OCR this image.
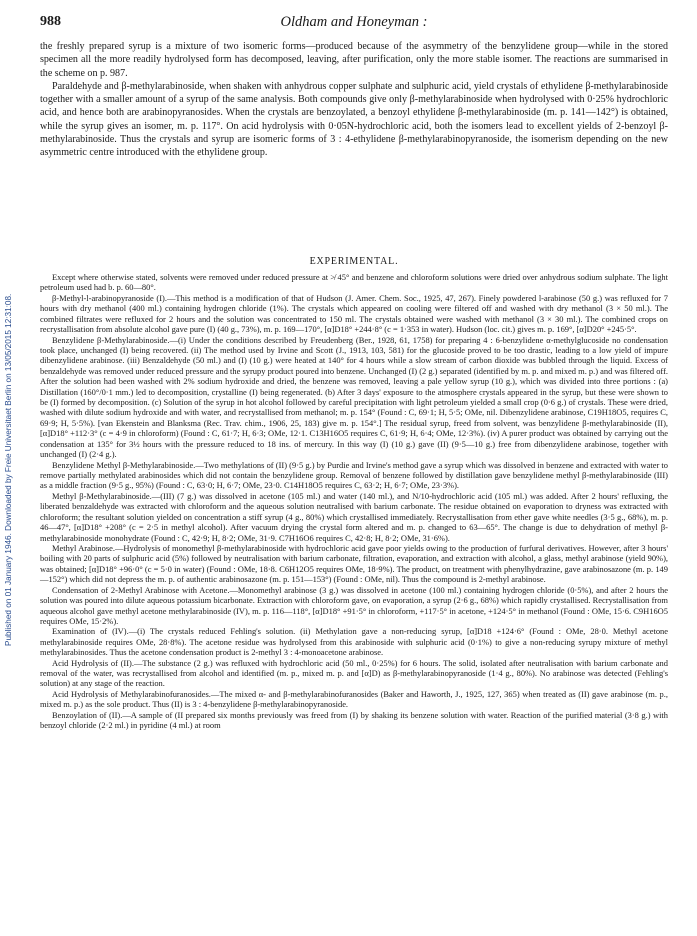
Published on 01 January 1946. Downloaded by Freie Universitaet Berlin on 13/05/2015 12:31:08.
988	Oldham and Honeyman :

the freshly prepared syrup is a mixture of two isomeric forms—produced because of the asymmetry of the benzylidene group—while in the stored specimen all the more readily hydrolysed form has decomposed, leaving, after purification, only the more stable isomer. The reactions are summarised in the scheme on p. 987.

Paraldehyde and β-methylarabinoside, when shaken with anhydrous copper sulphate and sulphuric acid, yield crystals of ethylidene β-methylarabinoside together with a smaller amount of a syrup of the same analysis. Both compounds give only β-methylarabinoside when hydrolysed with 0·25% hydrochloric acid, and hence both are arabinopyranosides. When the crystals are benzoylated, a benzoyl ethylidene β-methylarabinoside (m. p. 141—142°) is obtained, while the syrup gives an isomer, m. p. 117°. On acid hydrolysis with 0·05N-hydrochloric acid, both the isomers lead to excellent yields of 2-benzoyl β-methylarabinoside. Thus the crystals and syrup are isomeric forms of 3 : 4-ethylidene β-methylarabinopyranoside, the isomerism depending on the new asymmetric centre introduced with the ethylidene group.

EXPERIMENTAL.

Except where otherwise stated, solvents were removed under reduced pressure at ≯ 45° and benzene and chloroform solutions were dried over anhydrous sodium sulphate. The light petroleum used had b. p. 60—80°.

β-Methyl-l-arabinopyranoside (I).—This method is a modification of that of Hudson (J. Amer. Chem. Soc., 1925, 47, 267). Finely powdered l-arabinose (50 g.) was refluxed for 7 hours with dry methanol (400 ml.) containing hydrogen chloride (1%). The crystals which appeared on cooling were filtered off and washed with dry methanol (3 × 50 ml.). The combined filtrates were refluxed for 2 hours and the solution was concentrated to 150 ml. The crystals obtained were washed with methanol (3 × 30 ml.). The combined crops on recrystallisation from absolute alcohol gave pure (I) (40 g., 73%), m. p. 169—170°, [α]D18° +244·8° (c = 1·353 in water). Hudson (loc. cit.) gives m. p. 169°, [α]D20° +245·5°.

Benzylidene β-Methylarabinoside.—(i) Under the conditions described by Freudenberg (Ber., 1928, 61, 1758) for preparing 4 : 6-benzylidene α-methylglucoside no condensation took place, unchanged (I) being recovered. (ii) The method used by Irvine and Scott (J., 1913, 103, 581) for the glucoside proved to be too drastic, leading to a low yield of impure dibenzylidene arabinose. (iii) Benzaldehyde (50 ml.) and (I) (10 g.) were heated at 140° for 4 hours while a slow stream of carbon dioxide was bubbled through the liquid. Excess of benzaldehyde was removed under reduced pressure and the syrupy product poured into benzene. Unchanged (I) (2 g.) separated (identified by m. p. and mixed m. p.) and was filtered off. After the solution had been washed with 2% sodium hydroxide and dried, the benzene was removed, leaving a pale yellow syrup (10 g.), which was divided into three portions : (a) Distillation (160°/0·1 mm.) led to decomposition, crystalline (I) being regenerated. (b) After 3 days' exposure to the atmosphere crystals appeared in the syrup, but these were shown to be (I) formed by decomposition. (c) Solution of the syrup in hot alcohol followed by careful precipitation with light petroleum yielded a small crop (0·6 g.) of crystals. These were dried, washed with dilute sodium hydroxide and with water, and recrystallised from methanol; m. p. 154° (Found : C, 69·1; H, 5·5; OMe, nil. Dibenzylidene arabinose, C19H18O5, requires C, 69·9; H, 5·5%). [van Ekenstein and Blanksma (Rec. Trav. chim., 1906, 25, 183) give m. p. 154°.] The residual syrup, freed from solvent, was benzylidene β-methylarabinoside (II), [α]D18° +112·3° (c = 4·9 in chloroform) (Found : C, 61·7; H, 6·3; OMe, 12·1. C13H16O5 requires C, 61·9; H, 6·4; OMe, 12·3%). (iv) A purer product was obtained by carrying out the condensation at 135° for 3½ hours with the pressure reduced to 18 ins. of mercury. In this way (I) (10 g.) gave (II) (9·5—10 g.) free from dibenzylidene arabinose, together with unchanged (I) (2·4 g.).

Benzylidene Methyl β-Methylarabinoside.—Two methylations of (II) (9·5 g.) by Purdie and Irvine's method gave a syrup which was dissolved in benzene and extracted with water to remove partially methylated arabinosides which did not contain the benzylidene group. Removal of benzene followed by distillation gave benzylidene methyl β-methylarabinoside (III) as a middle fraction (9·5 g., 95%) (Found : C, 63·0; H, 6·7; OMe, 23·0. C14H18O5 requires C, 63·2; H, 6·7; OMe, 23·3%).

Methyl β-Methylarabinoside.—(III) (7 g.) was dissolved in acetone (105 ml.) and water (140 ml.), and N/10-hydrochloric acid (105 ml.) was added. After 2 hours' refluxing, the liberated benzaldehyde was extracted with chloroform and the aqueous solution neutralised with barium carbonate. The residue obtained on evaporation to dryness was extracted with chloroform; the resultant solution yielded on concentration a stiff syrup (4 g., 80%) which crystallised immediately. Recrystallisation from ether gave white needles (3·5 g., 68%), m. p. 46—47°, [α]D18° +208° (c = 2·5 in methyl alcohol). After vacuum drying the crystal form altered and m. p. changed to 63—65°. The change is due to dehydration of methyl β-methylarabinoside monohydrate (Found : C, 42·9; H, 8·2; OMe, 31·9. C7H16O6 requires C, 42·8; H, 8·2; OMe, 31·6%).

Methyl Arabinose.—Hydrolysis of monomethyl β-methylarabinoside with hydrochloric acid gave poor yields owing to the production of furfural derivatives. However, after 3 hours' boiling with 20 parts of sulphuric acid (5%) followed by neutralisation with barium carbonate, filtration, evaporation, and extraction with alcohol, a glass, methyl arabinose (yield 90%), was obtained; [α]D18° +96·0° (c = 5·0 in water) (Found : OMe, 18·8. C6H12O5 requires OMe, 18·9%). The product, on treatment with phenylhydrazine, gave arabinosazone (m. p. 149—152°) which did not depress the m. p. of authentic arabinosazone (m. p. 151—153°) (Found : OMe, nil). Thus the compound is 2-methyl arabinose.

Condensation of 2-Methyl Arabinose with Acetone.—Monomethyl arabinose (3 g.) was dissolved in acetone (100 ml.) containing hydrogen chloride (0·5%), and after 2 hours the solution was poured into dilute aqueous potassium bicarbonate. Extraction with chloroform gave, on evaporation, a syrup (2·6 g., 68%) which rapidly crystallised. Recrystallisation from aqueous alcohol gave methyl acetone methylarabinoside (IV), m. p. 116—118°, [α]D18° +91·5° in chloroform, +117·5° in acetone, +124·5° in methanol (Found : OMe, 15·6. C9H16O5 requires OMe, 15·2%).

Examination of (IV).—(i) The crystals reduced Fehling's solution. (ii) Methylation gave a non-reducing syrup, [α]D18 +124·6° (Found : OMe, 28·0. Methyl acetone methylarabinoside requires OMe, 28·8%). The acetone residue was hydrolysed from this arabinoside with sulphuric acid (0·1%) to give a non-reducing syrupy mixture of methyl methylarabinosides. Thus the acetone condensation product is 2-methyl 3 : 4-monoacetone arabinose.

Acid Hydrolysis of (II).—The substance (2 g.) was refluxed with hydrochloric acid (50 ml., 0·25%) for 6 hours. The solid, isolated after neutralisation with barium carbonate and removal of the water, was recrystallised from alcohol and identified (m. p., mixed m. p. and [α]D) as β-methylarabinopyranoside (1·4 g., 80%). No arabinose was detected (Fehling's solution) at any stage of the reaction.

Acid Hydrolysis of Methylarabinofuranosides.—The mixed α- and β-methylarabinofuranosides (Baker and Haworth, J., 1925, 127, 365) when treated as (II) gave arabinose (m. p., mixed m. p.) as the sole product. Thus (II) is 3 : 4-benzylidene β-methylarabinopyranoside.

Benzoylation of (II).—A sample of (II prepared six months previously was freed from (I) by shaking its benzene solution with water. Reaction of the purified material (3·8 g.) with benzoyl chloride (2·2 ml.) in pyridine (4 ml.) at room
